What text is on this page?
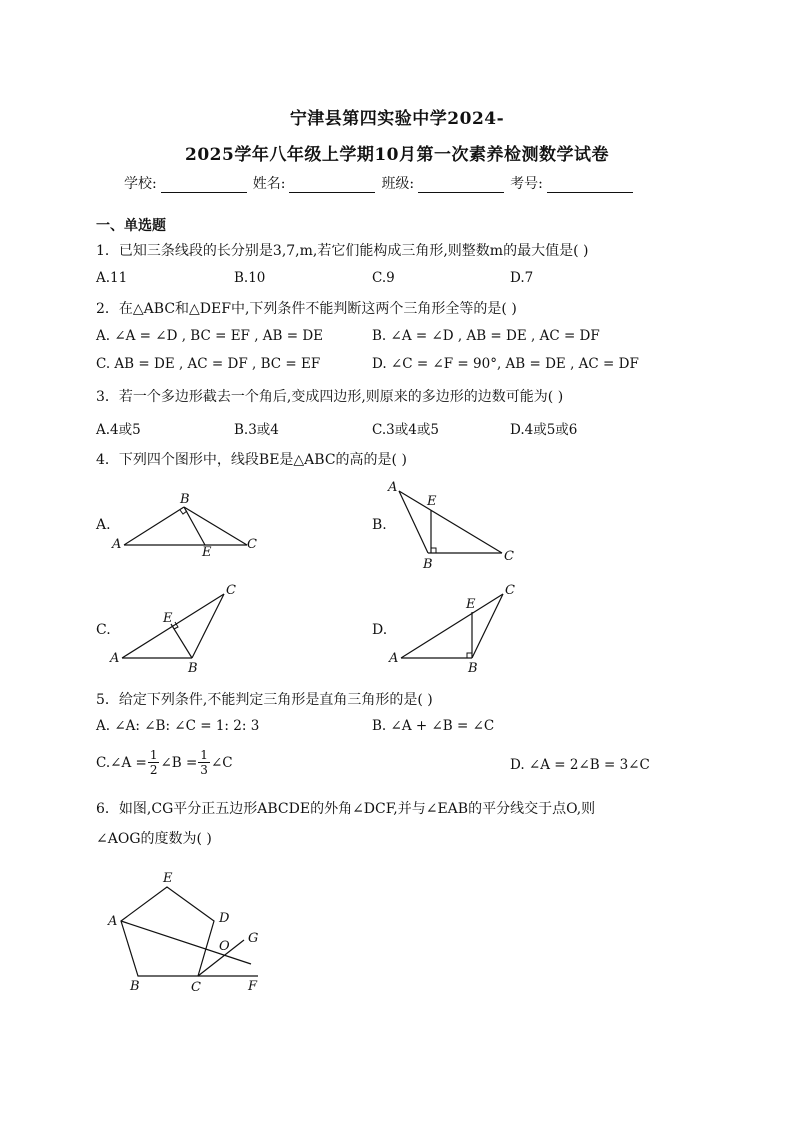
宁津县第四实验中学2024-
2025学年八年级上学期10月第一次素养检测数学试卷
学校:	姓名:	班级:	考号:
一、单选题
1．已知三条线段的长分别是3,7,m,若它们能构成三角形,则整数m的最大值是( )
A.11	B.10	C.9	D.7
2．在△ABC和△DEF中,下列条件不能判断这两个三角形全等的是( )
A. ∠A = ∠D , BC = EF , AB = DE	B. ∠A = ∠D , AB = DE , AC = DF
C. AB = DE , AC = DF , BC = EF	D. ∠C = ∠F = 90°, AB = DE , AC = DF
3．若一个多边形截去一个角后,变成四边形,则原来的多边形的边数可能为( )
A.4或5	B.3或4	C.3或4或5	D.4或5或6
4．下列四个图形中，线段BE是△ABC的高的是( )
A.
A
B
C
E
B.
A
B
C
E
C.
A
B
C
E
D.
A
B
C
E
5．给定下列条件,不能判定三角形是直角三角形的是( )
A. ∠A: ∠B: ∠C = 1: 2: 3	B. ∠A + ∠B = ∠C
C. ∠A = $\frac{1}{2}$ ∠B = $\frac{1}{3}$ ∠C	D. ∠A = 2∠B = 3∠C
6．如图,CG平分正五边形ABCDE的外角∠DCF,并与∠EAB的平分线交于点O,则
∠AOG的度数为( )
A
B	C
D
E
F
G
O
